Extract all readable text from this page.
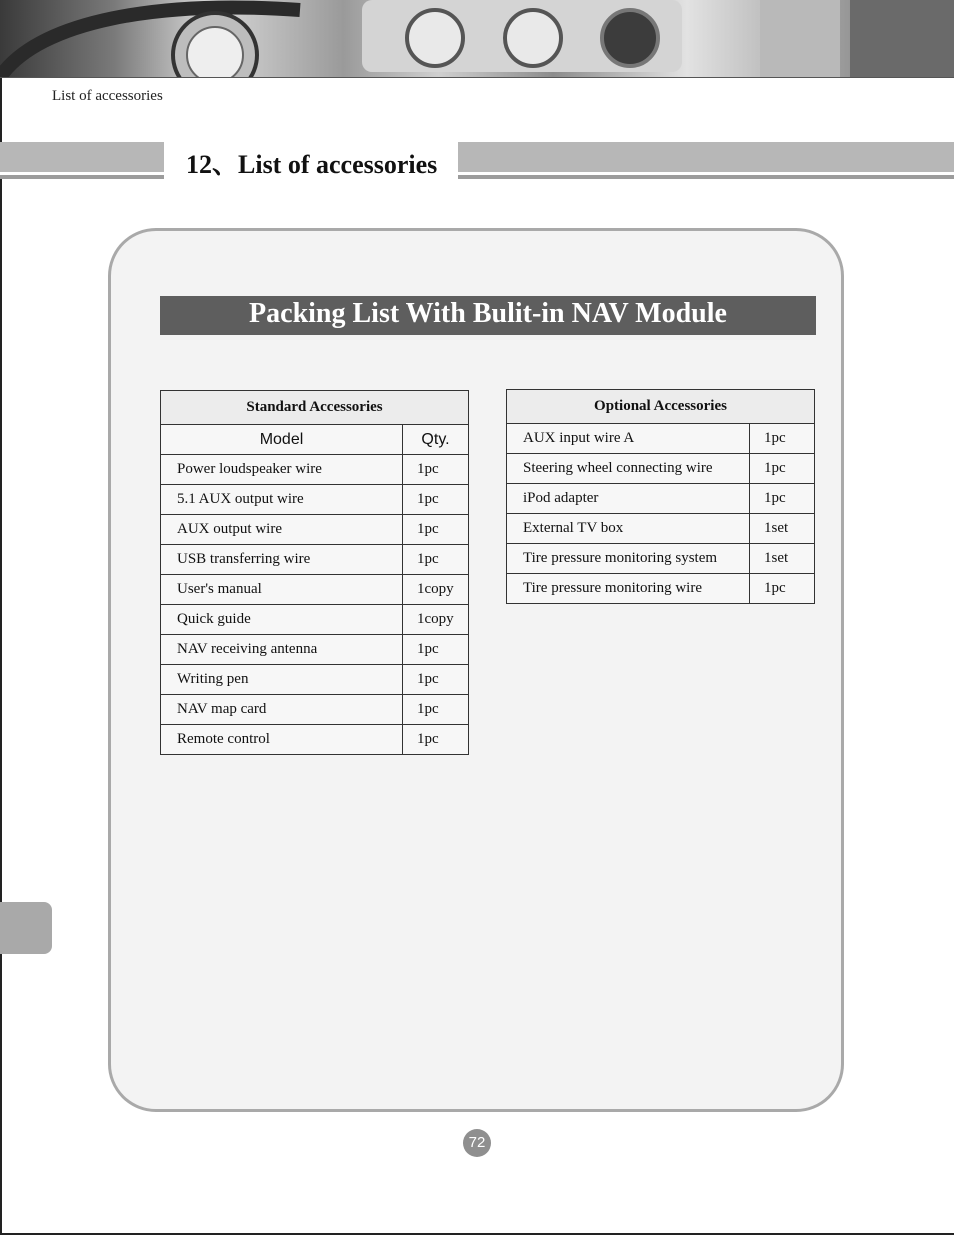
List of accessories
12、List of accessories
Packing List With Bulit-in NAV Module
Standard Accessories	
Model	Qty.
Power loudspeaker wire	1pc
5.1 AUX output wire	1pc
AUX output wire	1pc
USB transferring wire	1pc
User's manual	1copy
Quick guide	1copy
NAV receiving antenna	1pc
Writing pen	1pc
NAV map card	1pc
Remote control	1pc
Optional Accessories	
AUX input wire A	1pc
Steering wheel connecting wire	1pc
iPod adapter	1pc
External TV box	1set
Tire pressure monitoring system	1set
Tire pressure monitoring wire	1pc
72
